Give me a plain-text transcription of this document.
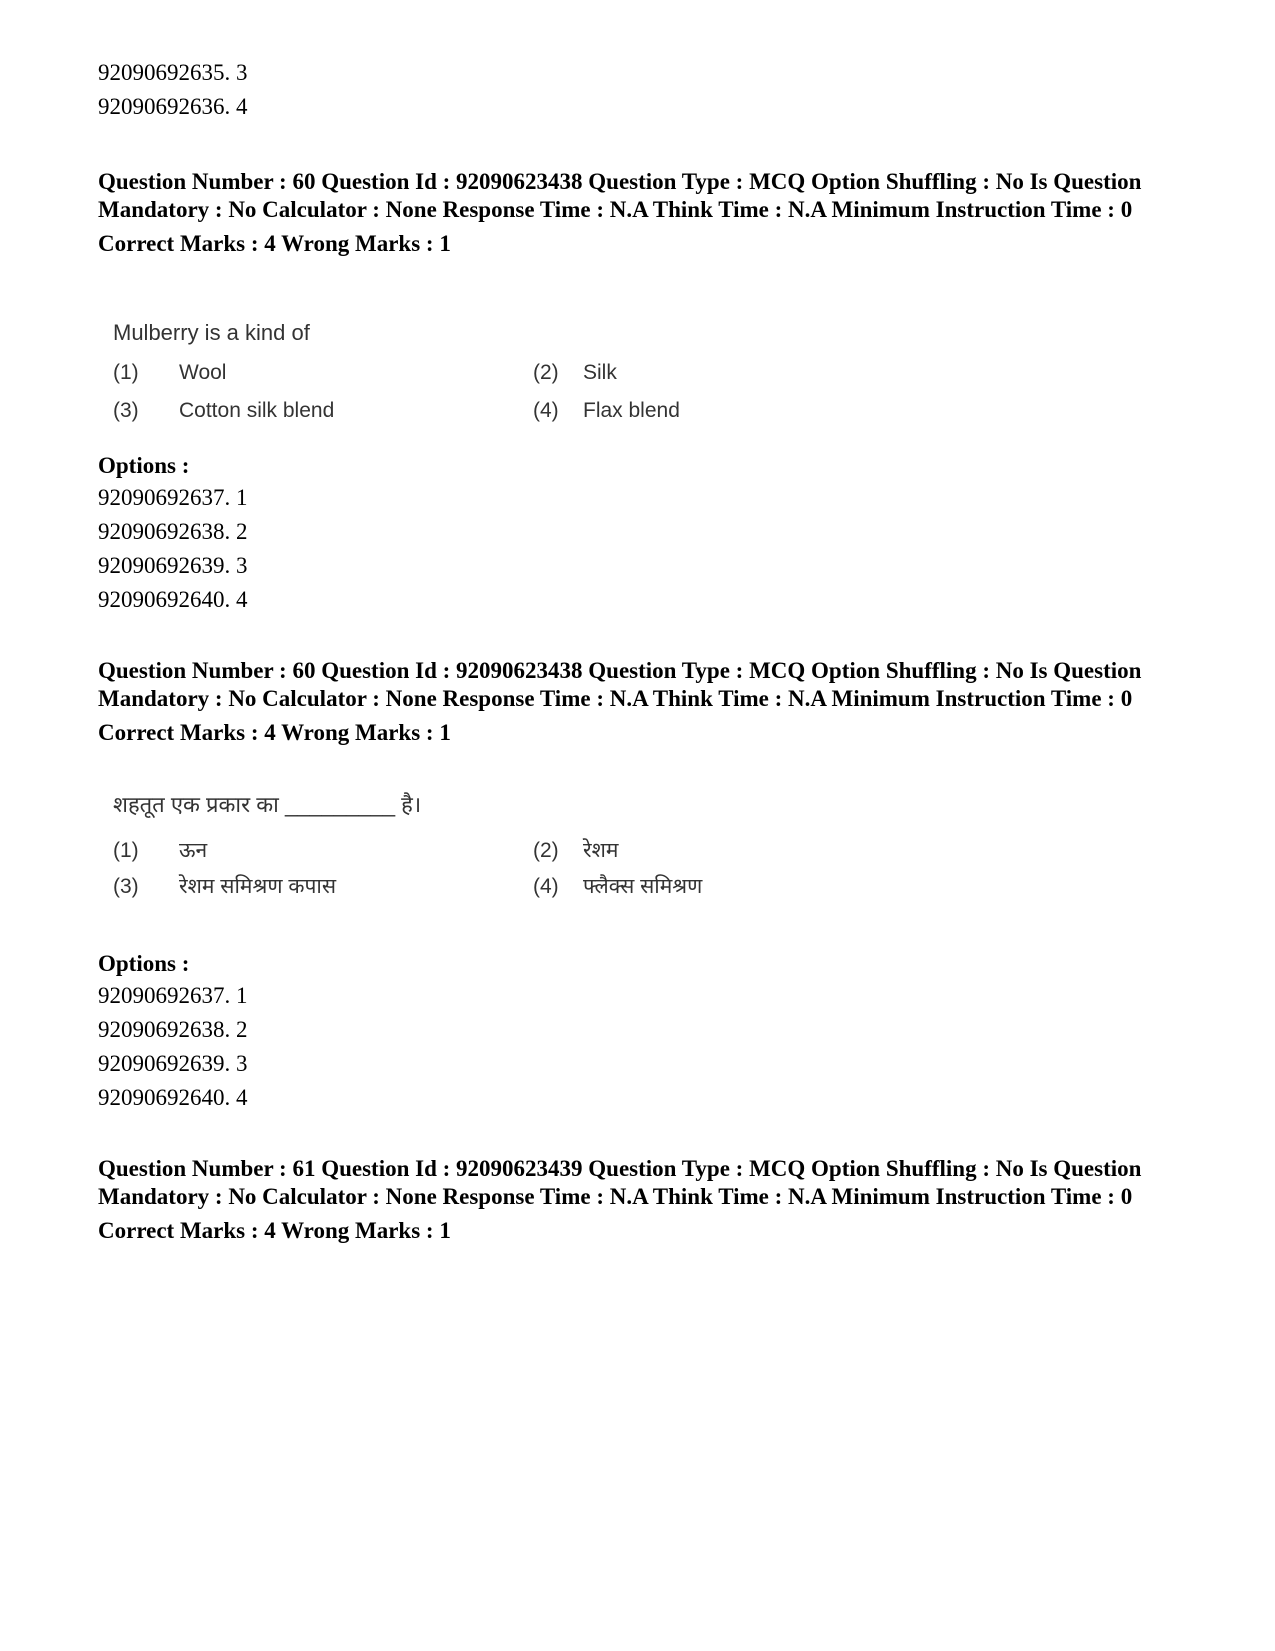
92090692635. 3
92090692636. 4
Question Number : 60 Question Id : 92090623438 Question Type : MCQ Option Shuffling : No Is Question Mandatory : No Calculator : None Response Time : N.A Think Time : N.A Minimum Instruction Time : 0
Correct Marks : 4 Wrong Marks : 1
Mulberry is a kind of
(1) Wool	(2) Silk
(3) Cotton silk blend	(4) Flax blend
Options :
92090692637. 1
92090692638. 2
92090692639. 3
92090692640. 4
Question Number : 60 Question Id : 92090623438 Question Type : MCQ Option Shuffling : No Is Question Mandatory : No Calculator : None Response Time : N.A Think Time : N.A Minimum Instruction Time : 0
Correct Marks : 4 Wrong Marks : 1
शहतूत एक प्रकार का _________ है।
(1) ऊन	(2) रेशम
(3) रेशम समिश्रण कपास	(4) फ्लैक्स समिश्रण
Options :
92090692637. 1
92090692638. 2
92090692639. 3
92090692640. 4
Question Number : 61 Question Id : 92090623439 Question Type : MCQ Option Shuffling : No Is Question Mandatory : No Calculator : None Response Time : N.A Think Time : N.A Minimum Instruction Time : 0
Correct Marks : 4 Wrong Marks : 1
